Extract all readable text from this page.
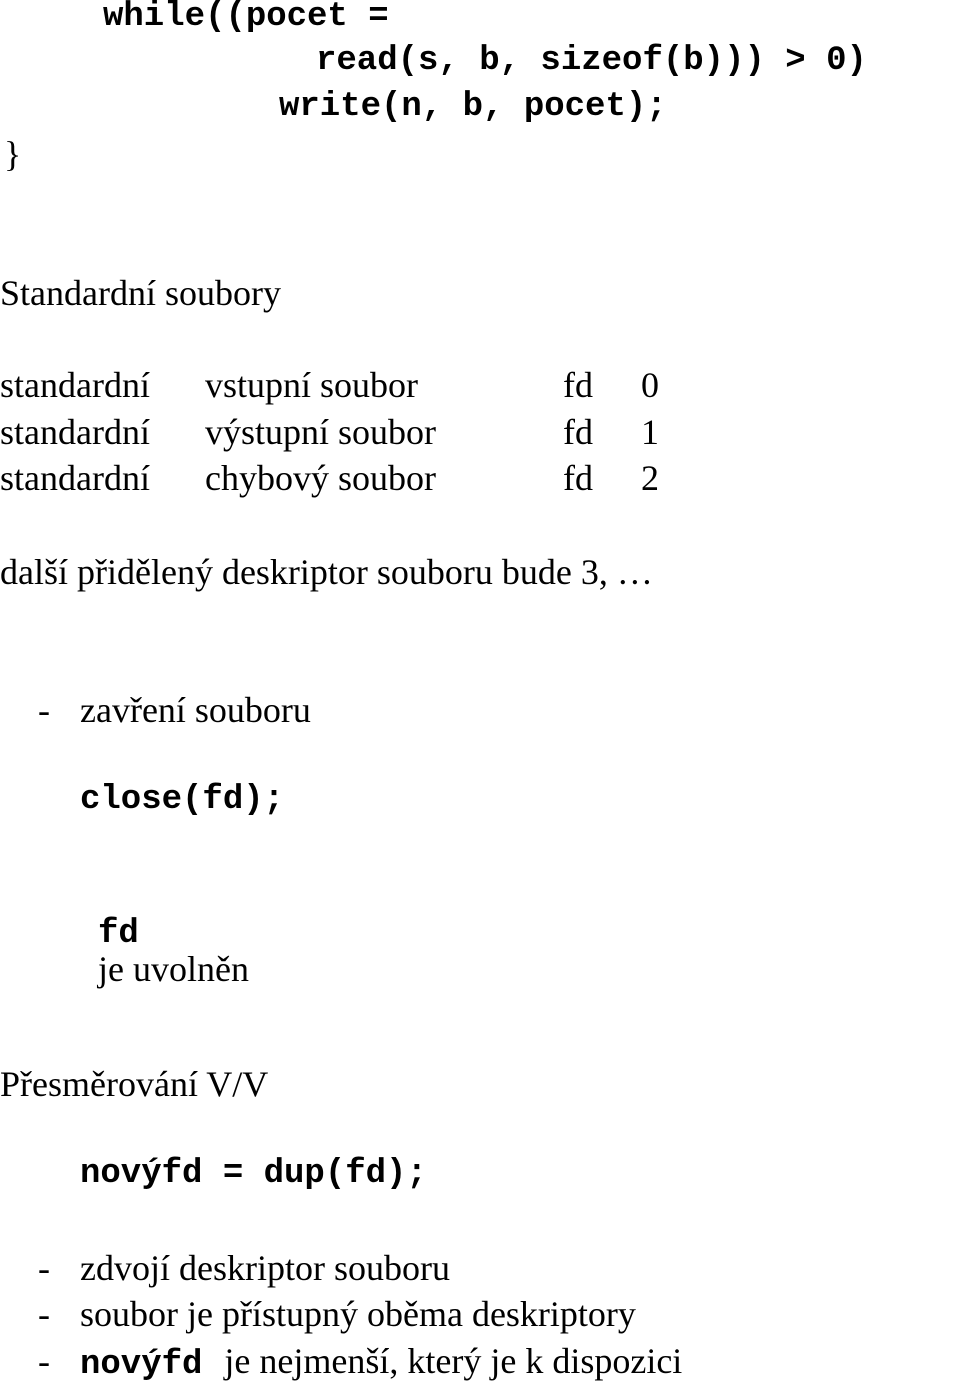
while((pocet =
read(s, b, sizeof(b))) > 0)
write(n, b, pocet);
}
Standardní soubory
standardní vstupní soubor	fd 0
standardní výstupní soubor	fd 1
standardní chybový soubor	fd 2
další přidělený deskriptor souboru bude 3, …
- zavření souboru
close(fd);

fd
je uvolněn

Přesměrování V/V
novýfd = dup(fd);
- zdvojí deskriptor souboru
- soubor je přístupný oběma deskriptory
- novýfd je nejmenší, který je k dispozici
